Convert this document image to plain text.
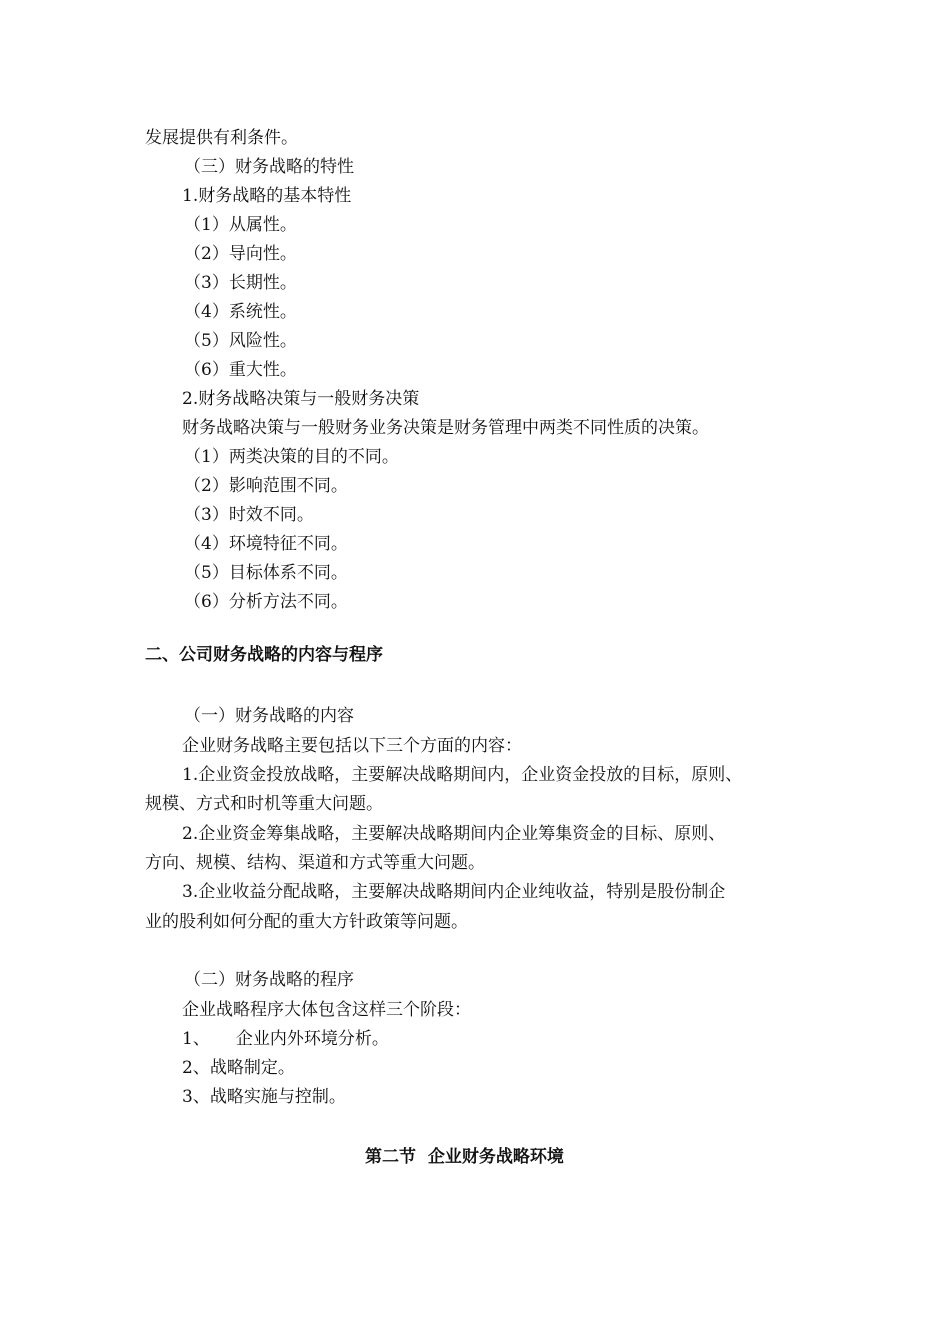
发展提供有利条件。
（三）财务战略的特性
1.财务战略的基本特性
（1）从属性。
（2）导向性。
（3）长期性。
（4）系统性。
（5）风险性。
（6）重大性。
2.财务战略决策与一般财务决策
财务战略决策与一般财务业务决策是财务管理中两类不同性质的决策。
（1）两类决策的目的不同。
（2）影响范围不同。
（3）时效不同。
（4）环境特征不同。
（5）目标体系不同。
（6）分析方法不同。
二、公司财务战略的内容与程序
（一）财务战略的内容
企业财务战略主要包括以下三个方面的内容：
1.企业资金投放战略，主要解决战略期间内，企业资金投放的目标，原则、
规模、方式和时机等重大问题。
2.企业资金筹集战略，主要解决战略期间内企业筹集资金的目标、原则、
方向、规模、结构、渠道和方式等重大问题。
3.企业收益分配战略，主要解决战略期间内企业纯收益，特别是股份制企
业的股利如何分配的重大方针政策等问题。
（二）财务战略的程序
企业战略程序大体包含这样三个阶段：
1、 企业内外环境分析。
2、战略制定。
3、战略实施与控制。
第二节 企业财务战略环境
